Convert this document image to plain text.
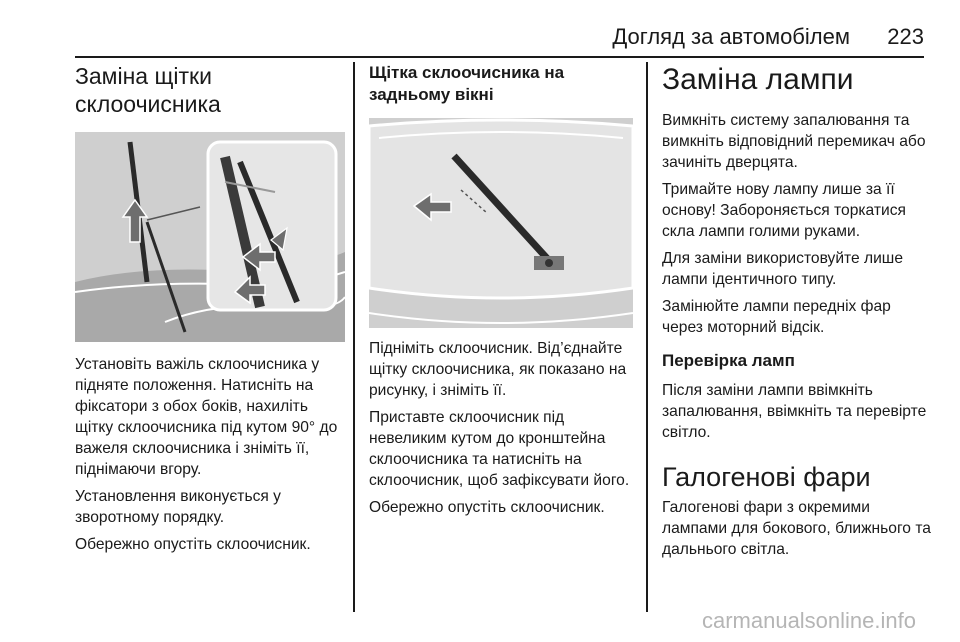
Догляд за автомобілем 223
Заміна щітки склоочисника

Установіть важіль склоочисника у підняте положення. Натисніть на фіксатори з обох боків, нахиліть щітку склоочисника під кутом 90° до важеля склоочисника і зніміть її, піднімаючи вгору.

Установлення виконується у зворотному порядку.

Обережно опустіть склоочисник.

Щітка склоочисника на задньому вікні

Підніміть склоочисник. Від’єднайте щітку склоочисника, як показано на рисунку, і зніміть її.

Приставте склоочисник під невеликим кутом до кронштейна склоочисника та натисніть на склоочисник, щоб зафіксувати його.

Обережно опустіть склоочисник.

Заміна лампи

Вимкніть систему запалювання та вимкніть відповідний перемикач або зачиніть дверцята.

Тримайте нову лампу лише за її основу! Забороняється торкатися скла лампи голими руками.

Для заміни використовуйте лише лампи ідентичного типу.

Замінюйте лампи передніх фар через моторний відсік.

Перевірка ламп

Після заміни лампи ввімкніть запалювання, ввімкніть та перевірте світло.

Галогенові фари

Галогенові фари з окремими лампами для бокового, ближнього та дальнього світла.

carmanualsonline.info
